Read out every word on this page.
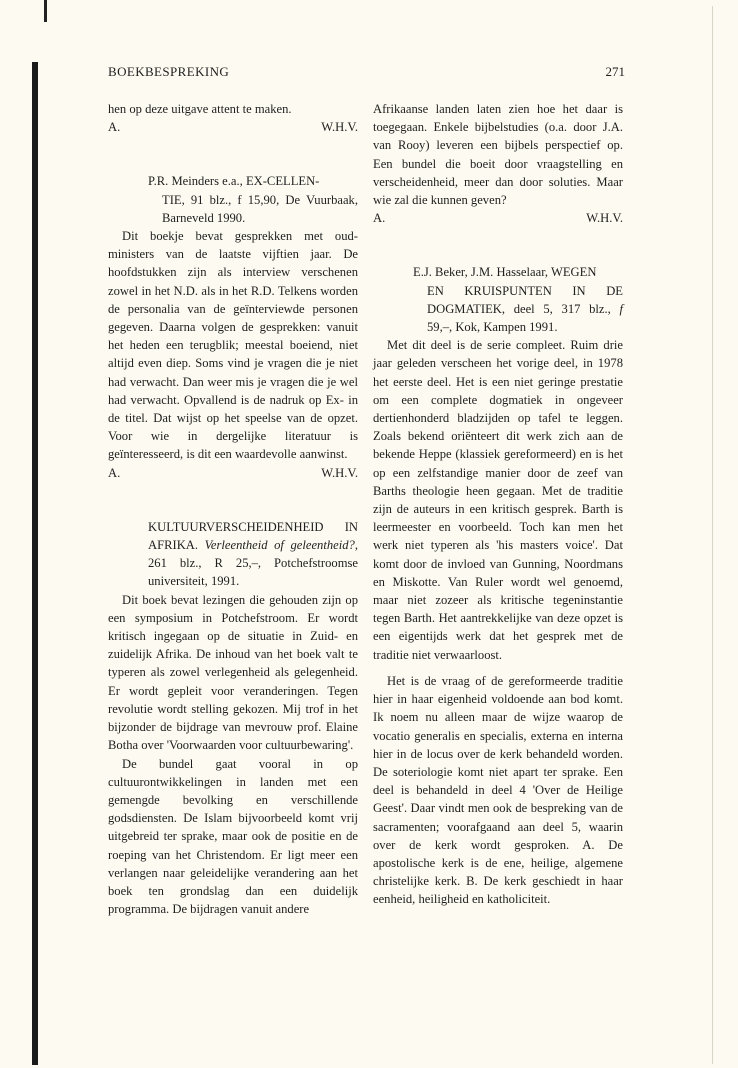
BOEKBESPREKING	271

hen op deze uitgave attent te maken.

A.	W.H.V.

P.R. Meinders e.a., EX-CELLEN-
TIE, 91 blz., f 15,90, De Vuurbaak, Barneveld 1990.

Dit boekje bevat gesprekken met oud-ministers van de laatste vijftien jaar. De hoofdstukken zijn als interview verschenen zowel in het N.D. als in het R.D. Telkens worden de personalia van de geïnterviewde personen gegeven. Daarna volgen de gesprekken: vanuit het heden een terugblik; meestal boeiend, niet altijd even diep. Soms vind je vragen die je niet had verwacht. Dan weer mis je vragen die je wel had verwacht. Opvallend is de nadruk op Ex- in de titel. Dat wijst op het speelse van de opzet. Voor wie in dergelijke literatuur is geïnteresseerd, is dit een waardevolle aanwinst.

A.	W.H.V.

KULTUURVERSCHEIDENHEID IN AFRIKA. Verleentheid of geleentheid?, 261 blz., R 25,–, Potchefstroomse universiteit, 1991.

Dit boek bevat lezingen die gehouden zijn op een symposium in Potchefstroom. Er wordt kritisch ingegaan op de situatie in Zuid- en zuidelijk Afrika. De inhoud van het boek valt te typeren als zowel verlegenheid als gelegenheid. Er wordt gepleit voor veranderingen. Tegen revolutie wordt stelling gekozen. Mij trof in het bijzonder de bijdrage van mevrouw prof. Elaine Botha over 'Voorwaarden voor cultuurbewaring'.

De bundel gaat vooral in op cultuurontwikkelingen in landen met een gemengde bevolking en verschillende godsdiensten. De Islam bijvoorbeeld komt vrij uitgebreid ter sprake, maar ook de positie en de roeping van het Christendom. Er ligt meer een verlangen naar geleidelijke verandering aan het boek ten grondslag dan een duidelijk programma. De bijdragen vanuit andere

Afrikaanse landen laten zien hoe het daar is toegegaan. Enkele bijbelstudies (o.a. door J.A. van Rooy) leveren een bijbels perspectief op. Een bundel die boeit door vraagstelling en verscheidenheid, meer dan door soluties. Maar wie zal die kunnen geven?

A.	W.H.V.

E.J. Beker, J.M. Hasselaar, WEGEN
EN KRUISPUNTEN IN DE DOGMATIEK, deel 5, 317 blz., f 59,–, Kok, Kampen 1991.

Met dit deel is de serie compleet. Ruim drie jaar geleden verscheen het vorige deel, in 1978 het eerste deel. Het is een niet geringe prestatie om een complete dogmatiek in ongeveer dertienhonderd bladzijden op tafel te leggen. Zoals bekend oriënteert dit werk zich aan de bekende Heppe (klassiek gereformeerd) en is het op een zelfstandige manier door de zeef van Barths theologie heen gegaan. Met de traditie zijn de auteurs in een kritisch gesprek. Barth is leermeester en voorbeeld. Toch kan men het werk niet typeren als 'his masters voice'. Dat komt door de invloed van Gunning, Noordmans en Miskotte. Van Ruler wordt wel genoemd, maar niet zozeer als kritische tegeninstantie tegen Barth. Het aantrekkelijke van deze opzet is een eigentijds werk dat het gesprek met de traditie niet verwaarloost.

Het is de vraag of de gereformeerde traditie hier in haar eigenheid voldoende aan bod komt. Ik noem nu alleen maar de wijze waarop de vocatio generalis en specialis, externa en interna hier in de locus over de kerk behandeld worden. De soteriologie komt niet apart ter sprake. Een deel is behandeld in deel 4 'Over de Heilige Geest'. Daar vindt men ook de bespreking van de sacramenten; voorafgaand aan deel 5, waarin over de kerk wordt gesproken. A. De apostolische kerk is de ene, heilige, algemene christelijke kerk. B. De kerk geschiedt in haar eenheid, heiligheid en katholiciteit.
